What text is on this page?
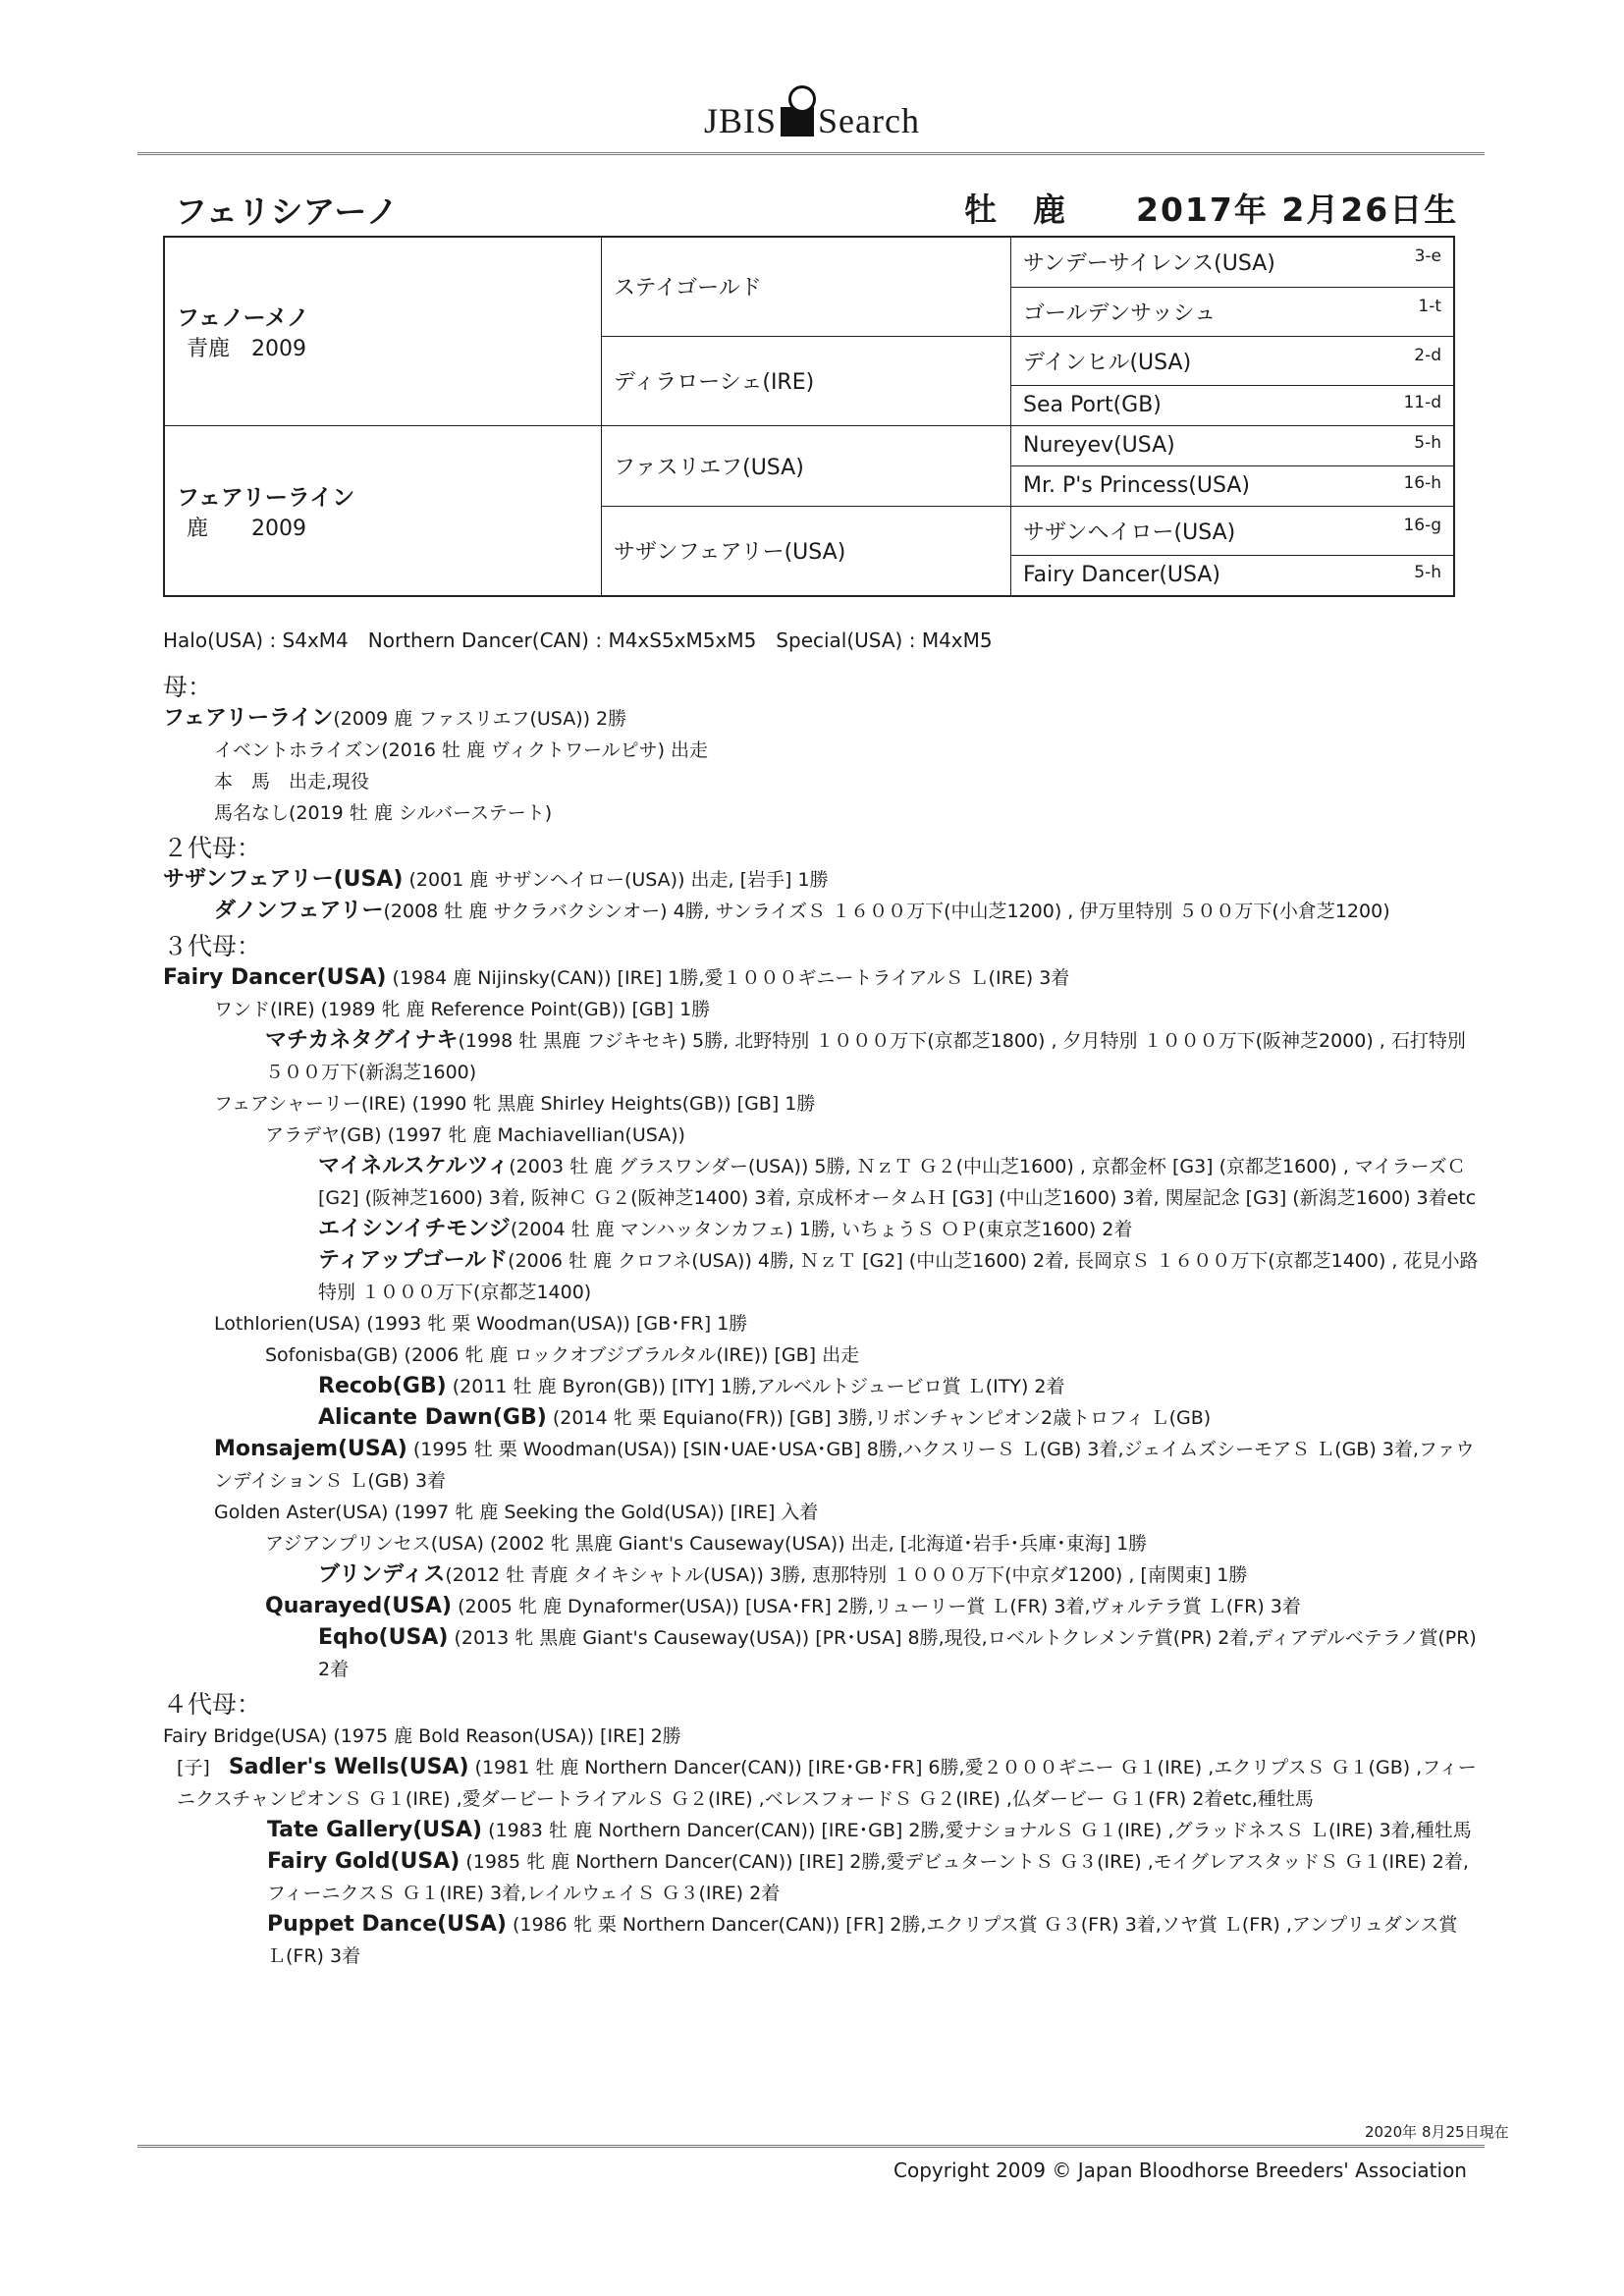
JBIS Search
フェリシアーノ	牡　鹿　　2017年 2月26日生
フェノーメノ
青鹿　2009	ステイゴールド	サンデーサイレンス(USA) 3-e

		ゴールデンサッシュ 1-t

	ディラローシェ(IRE)	デインヒル(USA) 2-d

		Sea Port(GB) 11-d

フェアリーライン
鹿　　2009	ファスリエフ(USA)	Nureyev(USA) 5-h

		Mr. P's Princess(USA) 16-h

	サザンフェアリー(USA)	サザンヘイロー(USA) 16-g

		Fairy Dancer(USA) 5-h
Halo(USA) : S4xM4　Northern Dancer(CAN) : M4xS5xM5xM5　Special(USA) : M4xM5
母：
フェアリーライン(2009 鹿 ファスリエフ(USA)) 2勝
イベントホライズン(2016 牡 鹿 ヴィクトワールピサ) 出走
本　馬　出走,現役
馬名なし(2019 牡 鹿 シルバーステート)
２代母：
サザンフェアリー(USA) (2001 鹿 サザンヘイロー(USA)) 出走, [岩手] 1勝
ダノンフェアリー(2008 牡 鹿 サクラバクシンオー) 4勝, サンライズＳ １６００万下(中山芝1200) , 伊万里特別 ５００万下(小倉芝1200)
３代母：
Fairy Dancer(USA) (1984 鹿 Nijinsky(CAN)) [IRE] 1勝,愛１０００ギニートライアルＳ Ｌ(IRE) 3着
ワンド(IRE) (1989 牝 鹿 Reference Point(GB)) [GB] 1勝
マチカネタグイナキ(1998 牡 黒鹿 フジキセキ) 5勝, 北野特別 １０００万下(京都芝1800) , 夕月特別 １０００万下(阪神芝2000) , 石打特別 ５００万下(新潟芝1600)
フェアシャーリー(IRE) (1990 牝 黒鹿 Shirley Heights(GB)) [GB] 1勝
アラデヤ(GB) (1997 牝 鹿 Machiavellian(USA))
マイネルスケルツィ(2003 牡 鹿 グラスワンダー(USA)) 5勝, ＮｚＴ Ｇ２(中山芝1600) , 京都金杯 [G3] (京都芝1600) , マイラーズＣ [G2] (阪神芝1600) 3着, 阪神Ｃ Ｇ２(阪神芝1400) 3着, 京成杯オータムＨ [G3] (中山芝1600) 3着, 関屋記念 [G3] (新潟芝1600) 3着etc
エイシンイチモンジ(2004 牡 鹿 マンハッタンカフェ) 1勝, いちょうＳ ＯＰ(東京芝1600) 2着
ティアップゴールド(2006 牡 鹿 クロフネ(USA)) 4勝, ＮｚＴ [G2] (中山芝1600) 2着, 長岡京Ｓ １６００万下(京都芝1400) , 花見小路特別 １０００万下(京都芝1400)
Lothlorien(USA) (1993 牝 栗 Woodman(USA)) [GB･FR] 1勝
Sofonisba(GB) (2006 牝 鹿 ロックオブジブラルタル(IRE)) [GB] 出走
Recob(GB) (2011 牡 鹿 Byron(GB)) [ITY] 1勝,アルベルトジュービロ賞 Ｌ(ITY) 2着
Alicante Dawn(GB) (2014 牝 栗 Equiano(FR)) [GB] 3勝,リボンチャンピオン2歳トロフィ Ｌ(GB)
Monsajem(USA) (1995 牡 栗 Woodman(USA)) [SIN･UAE･USA･GB] 8勝,ハクスリーＳ Ｌ(GB) 3着,ジェイムズシーモアＳ Ｌ(GB) 3着,ファウンデイションＳ Ｌ(GB) 3着
Golden Aster(USA) (1997 牝 鹿 Seeking the Gold(USA)) [IRE] 入着
アジアンプリンセス(USA) (2002 牝 黒鹿 Giant's Causeway(USA)) 出走, [北海道･岩手･兵庫･東海] 1勝
ブリンディス(2012 牡 青鹿 タイキシャトル(USA)) 3勝, 恵那特別 １０００万下(中京ダ1200) , [南関東] 1勝
Quarayed(USA) (2005 牝 鹿 Dynaformer(USA)) [USA･FR] 2勝,リューリー賞 Ｌ(FR) 3着,ヴォルテラ賞 Ｌ(FR) 3着
Eqho(USA) (2013 牝 黒鹿 Giant's Causeway(USA)) [PR･USA] 8勝,現役,ロベルトクレメンテ賞(PR) 2着,ディアデルベテラノ賞(PR) 2着
４代母：
Fairy Bridge(USA) (1975 鹿 Bold Reason(USA)) [IRE] 2勝
[子]　Sadler's Wells(USA) (1981 牡 鹿 Northern Dancer(CAN)) [IRE･GB･FR] 6勝,愛２０００ギニー Ｇ１(IRE) ,エクリプスＳ Ｇ１(GB) ,フィーニクスチャンピオンＳ Ｇ１(IRE) ,愛ダービートライアルＳ Ｇ２(IRE) ,ベレスフォードＳ Ｇ２(IRE) ,仏ダービー Ｇ１(FR) 2着etc,種牡馬
Tate Gallery(USA) (1983 牡 鹿 Northern Dancer(CAN)) [IRE･GB] 2勝,愛ナショナルＳ Ｇ１(IRE) ,グラッドネスＳ Ｌ(IRE) 3着,種牡馬
Fairy Gold(USA) (1985 牝 鹿 Northern Dancer(CAN)) [IRE] 2勝,愛デビュターントＳ Ｇ３(IRE) ,モイグレアスタッドＳ Ｇ１(IRE) 2着,フィーニクスＳ Ｇ１(IRE) 3着,レイルウェイＳ Ｇ３(IRE) 2着
Puppet Dance(USA) (1986 牝 栗 Northern Dancer(CAN)) [FR] 2勝,エクリプス賞 Ｇ３(FR) 3着,ソヤ賞 Ｌ(FR) ,アンプリュダンス賞 Ｌ(FR) 3着
2020年 8月25日現在
Copyright 2009 © Japan Bloodhorse Breeders' Association
